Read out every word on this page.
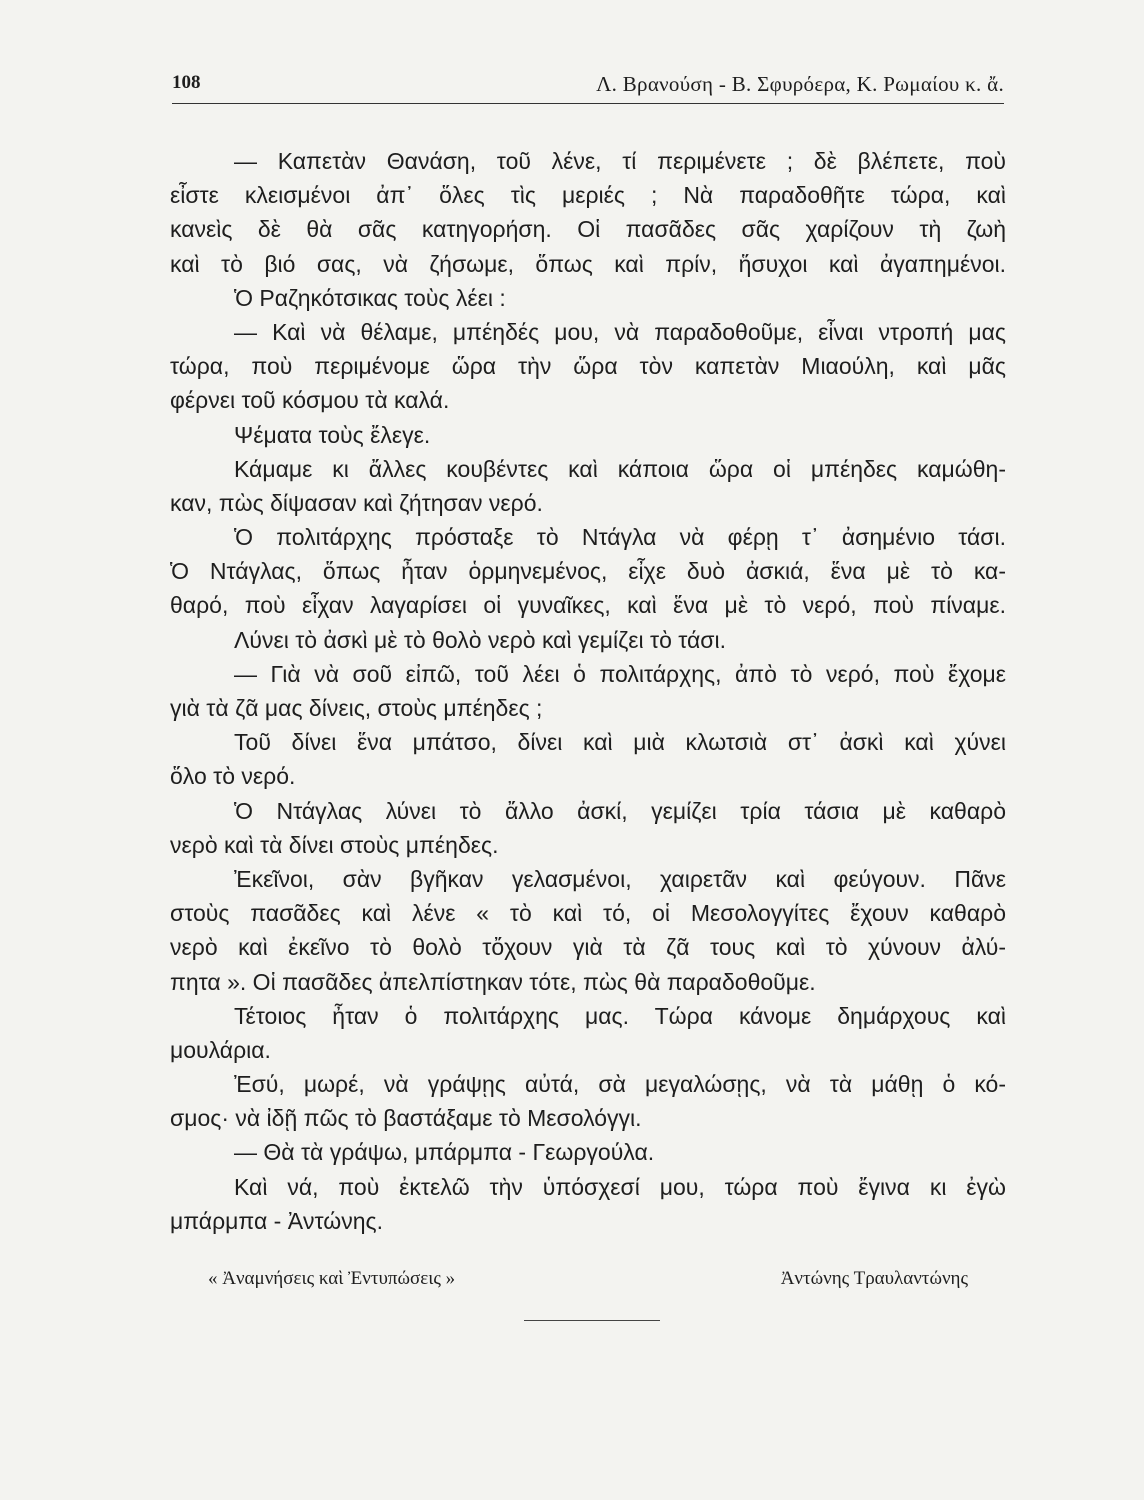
108	Λ. Βρανούση - Β. Σφυρόερα, Κ. Ρωμαίου κ. ἄ.
— Καπετὰν Θανάση, τοῦ λένε, τί περιμένετε ; δὲ βλέπετε, ποὺ
εἶστε κλεισμένοι ἀπ᾿ ὅλες τὶς μεριές ; Νὰ παραδοθῆτε τώρα, καὶ
κανεὶς δὲ θὰ σᾶς κατηγορήση. Οἱ πασᾶδες σᾶς χαρίζουν τὴ ζωὴ
καὶ τὸ βιό σας, νὰ ζήσωμε, ὅπως καὶ πρίν, ἥσυχοι καὶ ἀγαπημένοι.
Ὁ Ραζηκότσικας τοὺς λέει :
— Καὶ νὰ θέλαμε, μπέηδές μου, νὰ παραδοθοῦμε, εἶναι ντροπή μας
τώρα, ποὺ περιμένομε ὥρα τὴν ὥρα τὸν καπετὰν Μιαούλη, καὶ μᾶς
φέρνει τοῦ κόσμου τὰ καλά.
Ψέματα τοὺς ἔλεγε.
Κάμαμε κι ἄλλες κουβέντες καὶ κάποια ὥρα οἱ μπέηδες καμώθη-
καν, πὼς δίψασαν καὶ ζήτησαν νερό.
Ὁ πολιτάρχης πρόσταξε τὸ Ντάγλα νὰ φέρῃ τ᾿ ἀσημένιο τάσι.
Ὁ Ντάγλας, ὅπως ἦταν ὁρμηνεμένος, εἶχε δυὸ ἀσκιά, ἕνα μὲ τὸ κα-
θαρό, ποὺ εἶχαν λαγαρίσει οἱ γυναῖκες, καὶ ἕνα μὲ τὸ νερό, ποὺ πίναμε.
Λύνει τὸ ἀσκὶ μὲ τὸ θολὸ νερὸ καὶ γεμίζει τὸ τάσι.
— Γιὰ νὰ σοῦ εἰπῶ, τοῦ λέει ὁ πολιτάρχης, ἀπὸ τὸ νερό, ποὺ ἔχομε
γιὰ τὰ ζᾶ μας δίνεις, στοὺς μπέηδες ;
Τοῦ δίνει ἕνα μπάτσο, δίνει καὶ μιὰ κλωτσιὰ στ᾿ ἀσκὶ καὶ χύνει
ὅλο τὸ νερό.
Ὁ Ντάγλας λύνει τὸ ἄλλο ἀσκί, γεμίζει τρία τάσια μὲ καθαρὸ
νερὸ καὶ τὰ δίνει στοὺς μπέηδες.
Ἐκεῖνοι, σὰν βγῆκαν γελασμένοι, χαιρετᾶν καὶ φεύγουν. Πᾶνε
στοὺς πασᾶδες καὶ λένε « τὸ καὶ τό, οἱ Μεσολογγίτες ἔχουν καθαρὸ
νερὸ καὶ ἐκεῖνο τὸ θολὸ τὄχουν γιὰ τὰ ζᾶ τους καὶ τὸ χύνουν ἀλύ-
πητα ». Οἱ πασᾶδες ἀπελπίστηκαν τότε, πὼς θὰ παραδοθοῦμε.
Τέτοιος ἦταν ὁ πολιτάρχης μας. Τώρα κάνομε δημάρχους καὶ
μουλάρια.
Ἐσύ, μωρέ, νὰ γράψῃς αὐτά, σὰ μεγαλώσῃς, νὰ τὰ μάθῃ ὁ κό-
σμος· νὰ ἰδῇ πῶς τὸ βαστάξαμε τὸ Μεσολόγγι.
— Θὰ τὰ γράψω, μπάρμπα - Γεωργούλα.
Καὶ νά, ποὺ ἐκτελῶ τὴν ὑπόσχεσί μου, τώρα ποὺ ἔγινα κι ἐγὼ
μπάρμπα - Ἀντώνης.
« Ἀναμνήσεις καὶ Ἐντυπώσεις »	Ἀντώνης Τραυλαντώνης
